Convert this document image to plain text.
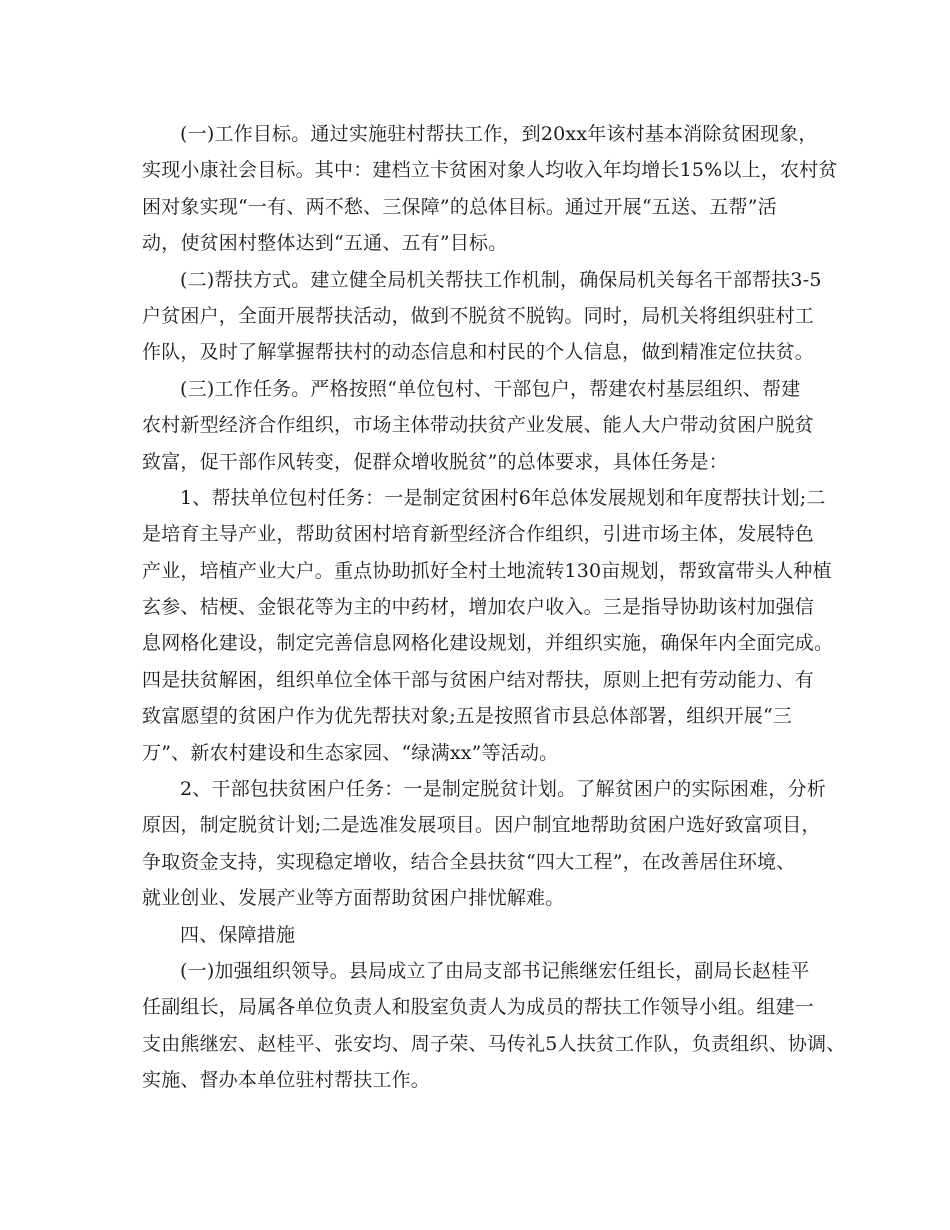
(一)工作目标。通过实施驻村帮扶工作，到20xx年该村基本消除贫困现象，
实现小康社会目标。其中：建档立卡贫困对象人均收入年均增长15%以上，农村贫
困对象实现“一有、两不愁、三保障”的总体目标。通过开展“五送、五帮”活
动，使贫困村整体达到“五通、五有”目标。
(二)帮扶方式。建立健全局机关帮扶工作机制，确保局机关每名干部帮扶3-5
户贫困户，全面开展帮扶活动，做到不脱贫不脱钩。同时，局机关将组织驻村工
作队，及时了解掌握帮扶村的动态信息和村民的个人信息，做到精准定位扶贫。
(三)工作任务。严格按照“单位包村、干部包户，帮建农村基层组织、帮建
农村新型经济合作组织，市场主体带动扶贫产业发展、能人大户带动贫困户脱贫
致富，促干部作风转变，促群众增收脱贫”的总体要求，具体任务是：
1、帮扶单位包村任务：一是制定贫困村6年总体发展规划和年度帮扶计划;二
是培育主导产业，帮助贫困村培育新型经济合作组织，引进市场主体，发展特色
产业，培植产业大户。重点协助抓好全村土地流转130亩规划，帮致富带头人种植
玄参、桔梗、金银花等为主的中药材，增加农户收入。三是指导协助该村加强信
息网格化建设，制定完善信息网格化建设规划，并组织实施，确保年内全面完成。
四是扶贫解困，组织单位全体干部与贫困户结对帮扶，原则上把有劳动能力、有
致富愿望的贫困户作为优先帮扶对象;五是按照省市县总体部署，组织开展“三
万”、新农村建设和生态家园、“绿满xx”等活动。
2、干部包扶贫困户任务：一是制定脱贫计划。了解贫困户的实际困难，分析
原因，制定脱贫计划;二是选准发展项目。因户制宜地帮助贫困户选好致富项目，
争取资金支持，实现稳定增收，结合全县扶贫“四大工程”，在改善居住环境、
就业创业、发展产业等方面帮助贫困户排忧解难。
四、保障措施
(一)加强组织领导。县局成立了由局支部书记熊继宏任组长，副局长赵桂平
任副组长，局属各单位负责人和股室负责人为成员的帮扶工作领导小组。组建一
支由熊继宏、赵桂平、张安均、周子荣、马传礼5人扶贫工作队，负责组织、协调、
实施、督办本单位驻村帮扶工作。
